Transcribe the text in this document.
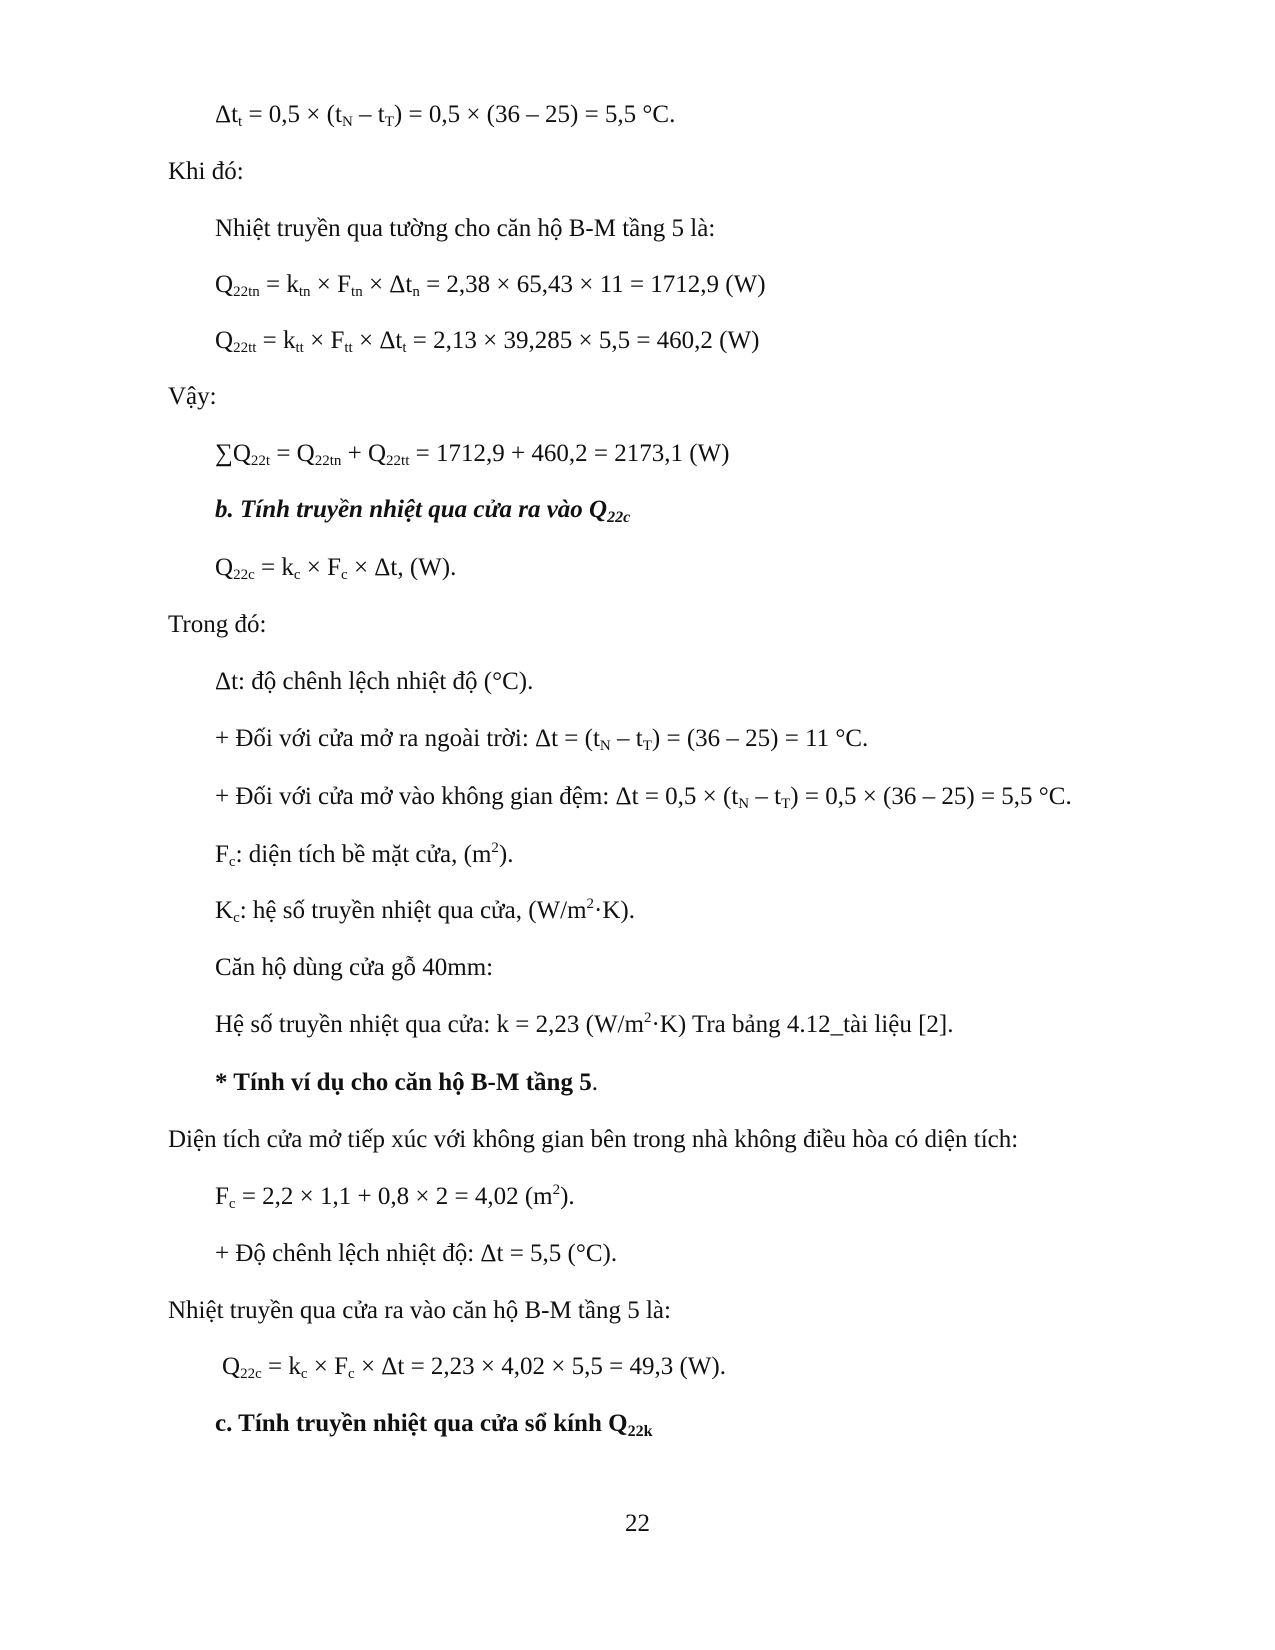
$\Delta t_t = 0,5 \times (t_N - t_T) = 0,5 \times (36 - 25) = 5,5$ °C.
Khi đó:
Nhiệt truyền qua tường cho căn hộ B-M tầng 5 là:
$Q_{22tn} = k_{tn} \times F_{tn} \times \Delta t_n = 2,38 \times 65,43 \times 11 = 1712,9$ (W)
$Q_{22tt} = k_{tt} \times F_{tt} \times \Delta t_t = 2,13 \times 39,285 \times 5,5 = 460,2$ (W)
Vậy:
$\sum Q_{22t} = Q_{22tn} + Q_{22tt} = 1712,9 + 460,2 = 2173,1$ (W)
b. Tính truyền nhiệt qua cửa ra vào $Q_{22c}$
$Q_{22c} = k_c \times F_c \times \Delta t$, (W).
Trong đó:
Δt: độ chênh lệch nhiệt độ (°C).
+ Đối với cửa mở ra ngoài trời: $\Delta t = (t_N - t_T) = (36 - 25) = 11$ °C.
+ Đối với cửa mở vào không gian đệm: $\Delta t = 0,5 \times (t_N - t_T) = 0,5 \times (36 - 25) = 5,5$ °C.
$F_c$: diện tích bề mặt cửa, $(m^2)$.
$K_c$: hệ số truyền nhiệt qua cửa, $(W/m^2\cdot K)$.
Căn hộ dùng cửa gỗ 40mm:
Hệ số truyền nhiệt qua cửa: k = 2,23 $(W/m^2\cdot K)$ Tra bảng 4.12_tài liệu [2].
* Tính ví dụ cho căn hộ B-M tầng 5.
Diện tích cửa mở tiếp xúc với không gian bên trong nhà không điều hòa có diện tích:
$F_c = 2,2 \times 1,1 + 0,8 \times 2 = 4,02$ $(m^2)$.
+ Độ chênh lệch nhiệt độ: Δt = 5,5 (°C).
Nhiệt truyền qua cửa ra vào căn hộ B-M tầng 5 là:
$Q_{22c} = k_c \times F_c \times \Delta t = 2,23 \times 4,02 \times 5,5 = 49,3$ (W).
c. Tính truyền nhiệt qua cửa sổ kính $Q_{22k}$
22
